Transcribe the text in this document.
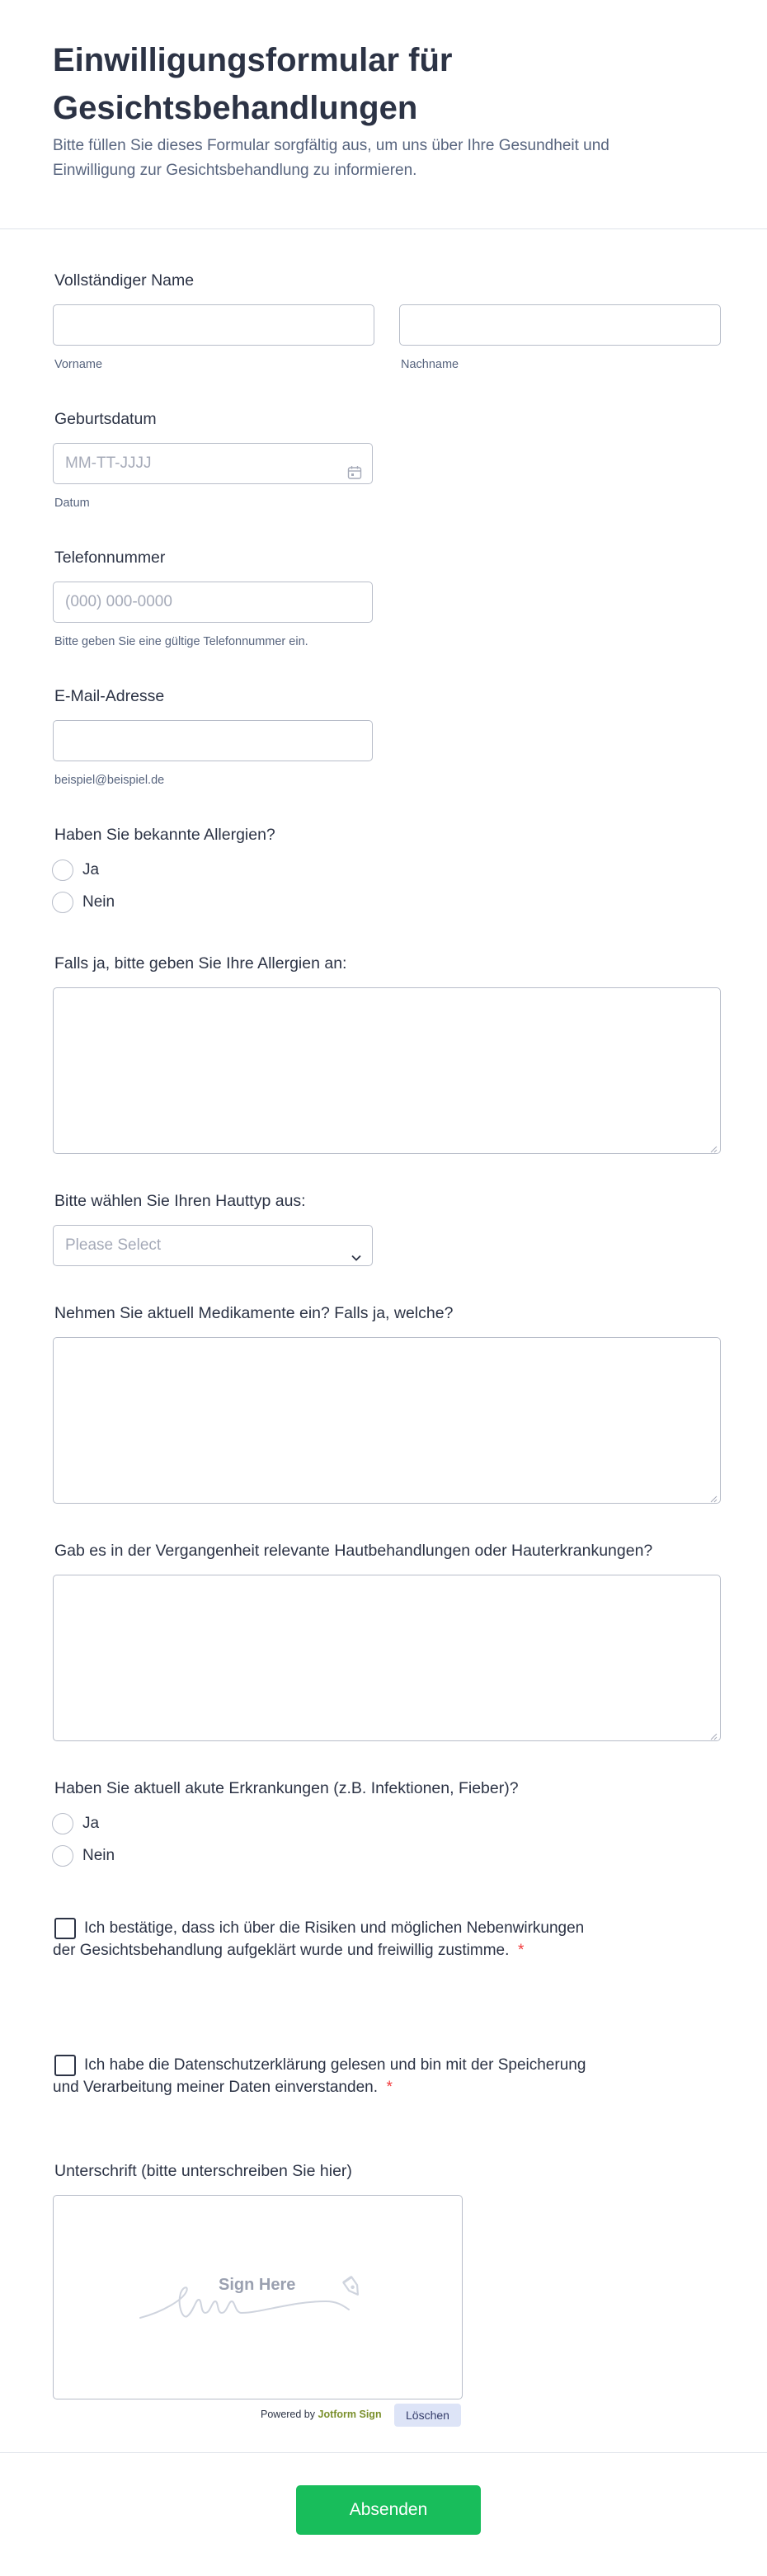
Einwilligungsformular für
Gesichtsbehandlungen
Bitte füllen Sie dieses Formular sorgfältig aus, um uns über Ihre Gesundheit und
Einwilligung zur Gesichtsbehandlung zu informieren.
Vollständiger Name
Vorname	Nachname
Geburtsdatum
MM-TT-JJJJ
Datum
Telefonnummer
(000) 000-0000
Bitte geben Sie eine gültige Telefonnummer ein.
E-Mail-Adresse
beispiel@beispiel.de
Haben Sie bekannte Allergien?
Ja
Nein
Falls ja, bitte geben Sie Ihre Allergien an:
Bitte wählen Sie Ihren Hauttyp aus:
Please Select
Nehmen Sie aktuell Medikamente ein? Falls ja, welche?
Gab es in der Vergangenheit relevante Hautbehandlungen oder Hauterkrankungen?
Haben Sie aktuell akute Erkrankungen (z.B. Infektionen, Fieber)?
Ja
Nein
Ich bestätige, dass ich über die Risiken und möglichen Nebenwirkungen
der Gesichtsbehandlung aufgeklärt wurde und freiwillig zustimme. *
Ich habe die Datenschutzerklärung gelesen und bin mit der Speicherung
und Verarbeitung meiner Daten einverstanden. *
Unterschrift (bitte unterschreiben Sie hier)
Sign Here
Powered by Jotform Sign	Löschen
Absenden
